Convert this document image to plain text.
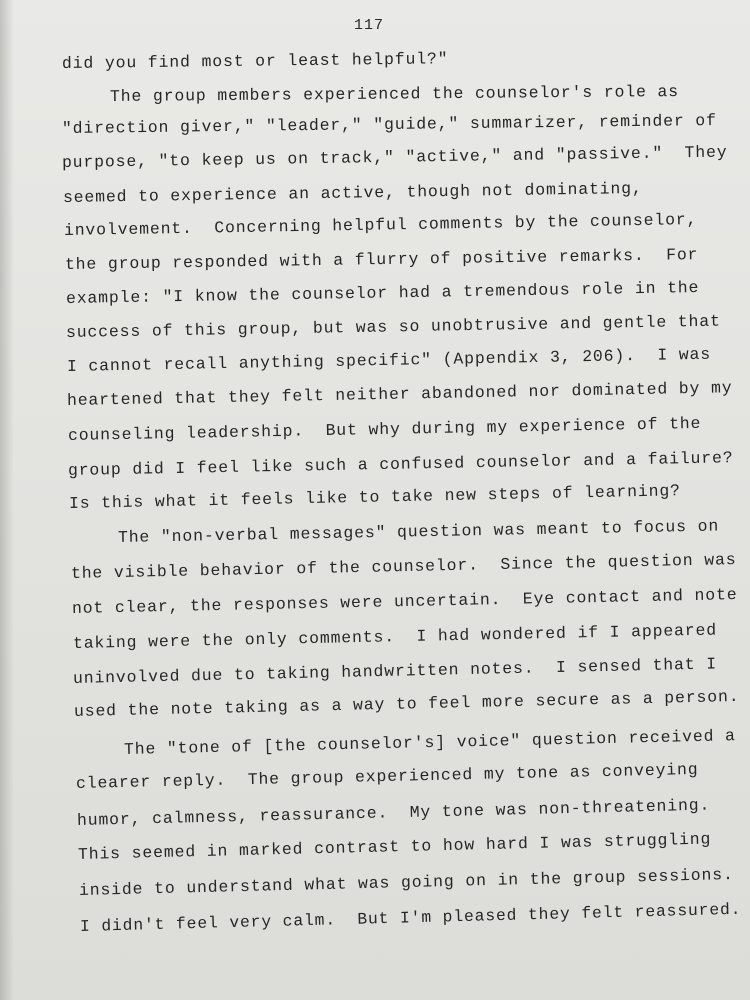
117
did you find most or least helpful?"
The group members experienced the counselor's role as
"direction giver," "leader," "guide," summarizer, reminder of
purpose, "to keep us on track," "active," and "passive."  They
seemed to experience an active, though not dominating,
involvement.  Concerning helpful comments by the counselor,
the group responded with a flurry of positive remarks.  For
example: "I know the counselor had a tremendous role in the
success of this group, but was so unobtrusive and gentle that
I cannot recall anything specific" (Appendix 3, 206).  I was
heartened that they felt neither abandoned nor dominated by my
counseling leadership.  But why during my experience of the
group did I feel like such a confused counselor and a failure?
Is this what it feels like to take new steps of learning?
The "non-verbal messages" question was meant to focus on
the visible behavior of the counselor.  Since the question was
not clear, the responses were uncertain.  Eye contact and note
taking were the only comments.  I had wondered if I appeared
uninvolved due to taking handwritten notes.  I sensed that I
used the note taking as a way to feel more secure as a person.
The "tone of [the counselor's] voice" question received a
clearer reply.  The group experienced my tone as conveying
humor, calmness, reassurance.  My tone was non-threatening.
This seemed in marked contrast to how hard I was struggling
inside to understand what was going on in the group sessions.
I didn't feel very calm.  But I'm pleased they felt reassured.
